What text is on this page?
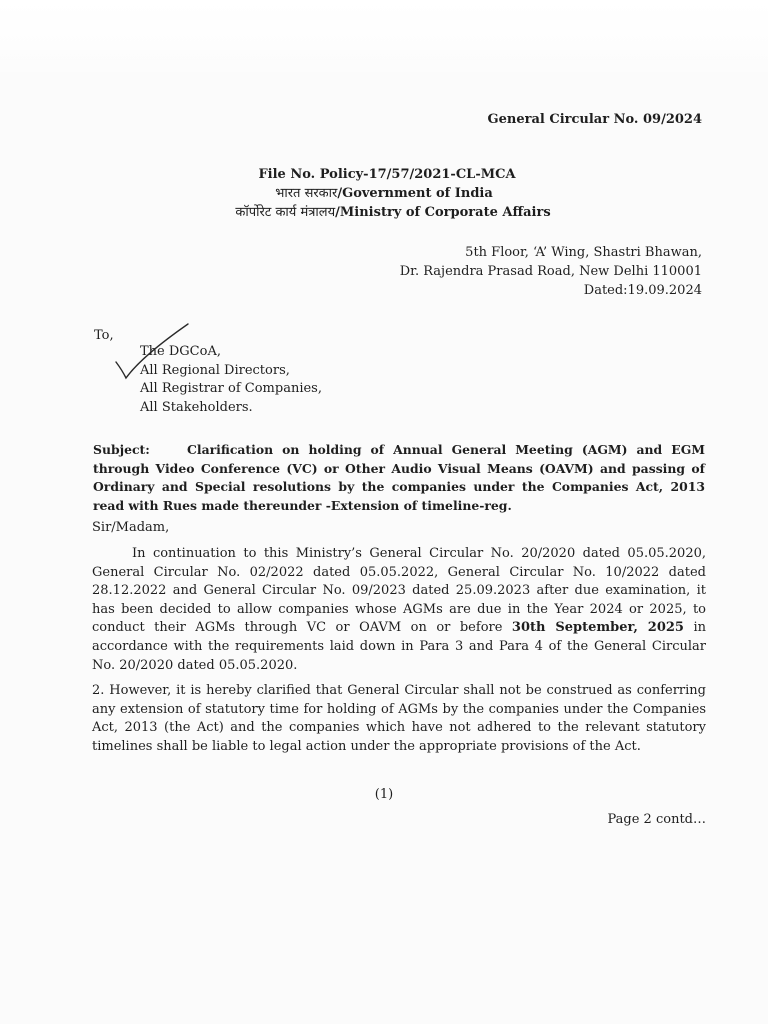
General Circular No. 09/2024
File No. Policy-17/57/2021-CL-MCA
भारत सरकार/Government of India
कॉर्पोरेट कार्य मंत्रालय/Ministry of Corporate Affairs
5th Floor, ‘A’ Wing, Shastri Bhawan,
Dr. Rajendra Prasad Road, New Delhi 110001
Dated:19.09.2024
To,
The DGCoA,
All Regional Directors,
All Registrar of Companies,
All Stakeholders.
Subject:	Clarification on holding of Annual General Meeting (AGM) and EGM through Video Conference (VC) or Other Audio Visual Means (OAVM) and passing of Ordinary and Special resolutions by the companies under the Companies Act, 2013 read with Rues made thereunder -Extension of timeline-reg.
Sir/Madam,

In continuation to this Ministry’s General Circular No. 20/2020 dated 05.05.2020, General Circular No. 02/2022 dated 05.05.2022, General Circular No. 10/2022 dated 28.12.2022 and General Circular No. 09/2023 dated 25.09.2023 after due examination, it has been decided to allow companies whose AGMs are due in the Year 2024 or 2025, to conduct their AGMs through VC or OAVM on or before 30th September, 2025 in accordance with the requirements laid down in Para 3 and Para 4 of the General Circular No. 20/2020 dated 05.05.2020.

2. However, it is hereby clarified that General Circular shall not be construed as conferring any extension of statutory time for holding of AGMs by the companies under the Companies Act, 2013 (the Act) and the companies which have not adhered to the relevant statutory timelines shall be liable to legal action under the appropriate provisions of the Act.

(1)
Page 2 contd…
